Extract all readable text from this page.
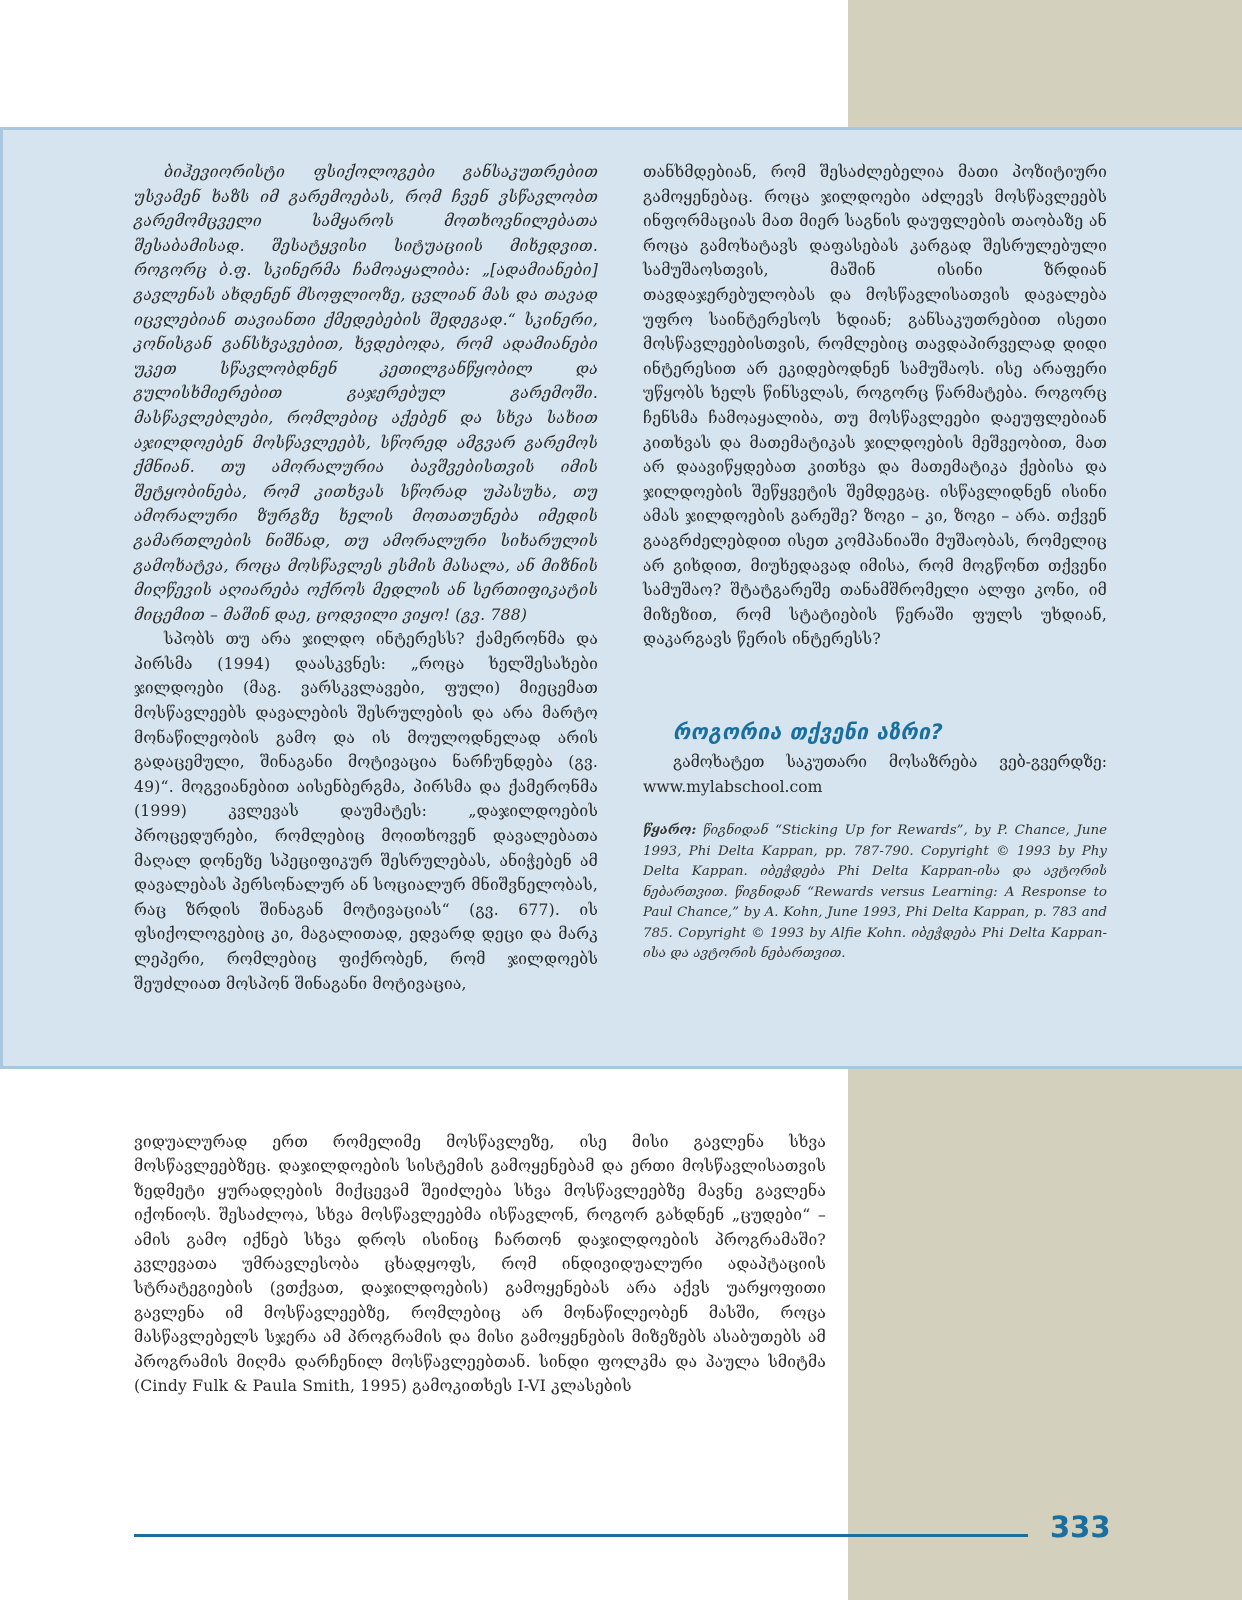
ბიჰევიორისტი ფსიქოლოგები განსაკუთრებით უსვამენ ხაზს იმ გარემოებას, რომ ჩვენ ვსწავლობთ გარემომცველი სამყაროს მოთხოვნილებათა შესაბამისად. შესატყვისი სიტუაციის მიხედვით. როგორც ბ.ფ. სკინერმა ჩამოაყალიბა: „[ადამიანები] გავლენას ახდენენ მსოფლიოზე, ცვლიან მას და თავად იცვლებიან თავიანთი ქმედებების შედეგად.“ სკინერი, კონისგან განსხვავებით, ხვდებოდა, რომ ადამიანები უკეთ სწავლობდნენ კეთილგანწყობილ და გულისხმიერებით გაჯერებულ გარემოში. მასწავლებლები, რომლებიც აქებენ და სხვა სახით აჯილდოებენ მოსწავლეებს, სწორედ ამგვარ გარემოს ქმნიან. თუ ამორალურია ბავშვებისთვის იმის შეტყობინება, რომ კითხვას სწორად უპასუხა, თუ ამორალური ზურგზე ხელის მოთათუნება იმედის გამართლების ნიშნად, თუ ამორალური სიხარულის გამოხატვა, როცა მოსწავლეს ესმის მასალა, ან მიზნის მიღწევის აღიარება ოქროს მედლის ან სერთიფიკატის მიცემით – მაშინ დაე, ცოდვილი ვიყო! (გვ. 788)

სპობს თუ არა ჯილდო ინტერესს? ქამერონმა და პირსმა (1994) დაასკვნეს: „როცა ხელშესახები ჯილდოები (მაგ. ვარსკვლავები, ფული) მიეცემათ მოსწავლეებს დავალების შესრულების და არა მარტო მონაწილეობის გამო და ის მოულოდნელად არის გადაცემული, შინაგანი მოტივაცია ნარჩუნდება (გვ. 49)“. მოგვიანებით აისენბერგმა, პირსმა და ქამერონმა (1999) კვლევას დაუმატეს: „დაჯილდოების პროცედურები, რომლებიც მოითხოვენ დავალებათა მაღალ დონეზე სპეციფიკურ შესრულებას, ანიჭებენ ამ დავალებას პერსონალურ ან სოციალურ მნიშვნელობას, რაც ზრდის შინაგან მოტივაციას“ (გვ. 677). ის ფსიქოლოგებიც კი, მაგალითად, ედვარდ დეცი და მარკ ლეპერი, რომლებიც ფიქრობენ, რომ ჯილდოებს შეუძლიათ მოსპონ შინაგანი მოტივაცია,

თანხმდებიან, რომ შესაძლებელია მათი პოზიტიური გამოყენებაც. როცა ჯილდოები აძლევს მოსწავლეებს ინფორმაციას მათ მიერ საგნის დაუფლების თაობაზე ან როცა გამოხატავს დაფასებას კარგად შესრულებული სამუშაოსთვის, მაშინ ისინი ზრდიან თავდაჯერებულობას და მოსწავლისათვის დავალება უფრო საინტერესოს ხდიან; განსაკუთრებით ისეთი მოსწავლეებისთვის, რომლებიც თავდაპირველად დიდი ინტერესით არ ეკიდებოდნენ სამუშაოს. ისე არაფერი უწყობს ხელს წინსვლას, როგორც წარმატება. როგორც ჩენსმა ჩამოაყალიბა, თუ მოსწავლეები დაეუფლებიან კითხვას და მათემატიკას ჯილდოების მეშვეობით, მათ არ დაავიწყდებათ კითხვა და მათემატიკა ქებისა და ჯილდოების შეწყვეტის შემდეგაც. ისწავლიდნენ ისინი ამას ჯილდოების გარეშე? ზოგი – კი, ზოგი – არა. თქვენ გააგრძელებდით ისეთ კომპანიაში მუშაობას, რომელიც არ გიხდით, მიუხედავად იმისა, რომ მოგწონთ თქვენი სამუშაო? შტატგარეშე თანამშრომელი ალფი კონი, იმ მიზეზით, რომ სტატიების წერაში ფულს უხდიან, დაკარგავს წერის ინტერესს?

როგორია თქვენი აზრი?

გამოხატეთ საკუთარი მოსაზრება ვებ-გვერდზე: www.mylabschool.com

წყარო: წიგნიდან “Sticking Up for Rewards”, by P. Chance, June 1993, Phi Delta Kappan, pp. 787-790. Copyright © 1993 by Phy Delta Kappan. იბეჭდება Phi Delta Kappan-ისა და ავტორის ნებართვით. წიგნიდან “Rewards versus Learning: A Response to Paul Chance,” by A. Kohn, June 1993, Phi Delta Kappan, p. 783 and 785. Copyright © 1993 by Alfie Kohn. იბეჭდება Phi Delta Kappan-ისა და ავტორის ნებართვით.

ვიდუალურად ერთ რომელიმე მოსწავლეზე, ისე მისი გავლენა სხვა მოსწავლეებზეც. დაჯილდოების სისტემის გამოყენებამ და ერთი მოსწავლისათვის ზედმეტი ყურადღების მიქცევამ შეიძლება სხვა მოსწავლეებზე მავნე გავლენა იქონიოს. შესაძლოა, სხვა მოსწავლეებმა ისწავლონ, როგორ გახდნენ „ცუდები“ – ამის გამო იქნებ სხვა დროს ისინიც ჩართონ დაჯილდოების პროგრამაში? კვლევათა უმრავლესობა ცხადყოფს, რომ ინდივიდუალური ადაპტაციის სტრატეგიების (ვთქვათ, დაჯილდოების) გამოყენებას არა აქვს უარყოფითი გავლენა იმ მოსწავლეებზე, რომლებიც არ მონაწილეობენ მასში, როცა მასწავლებელს სჯერა ამ პროგრამის და მისი გამოყენების მიზეზებს ასაბუთებს ამ პროგრამის მიღმა დარჩენილ მოსწავლეებთან. სინდი ფოლკმა და პაულა სმიტმა (Cindy Fulk & Paula Smith, 1995) გამოკითხეს I-VI კლასების

333
